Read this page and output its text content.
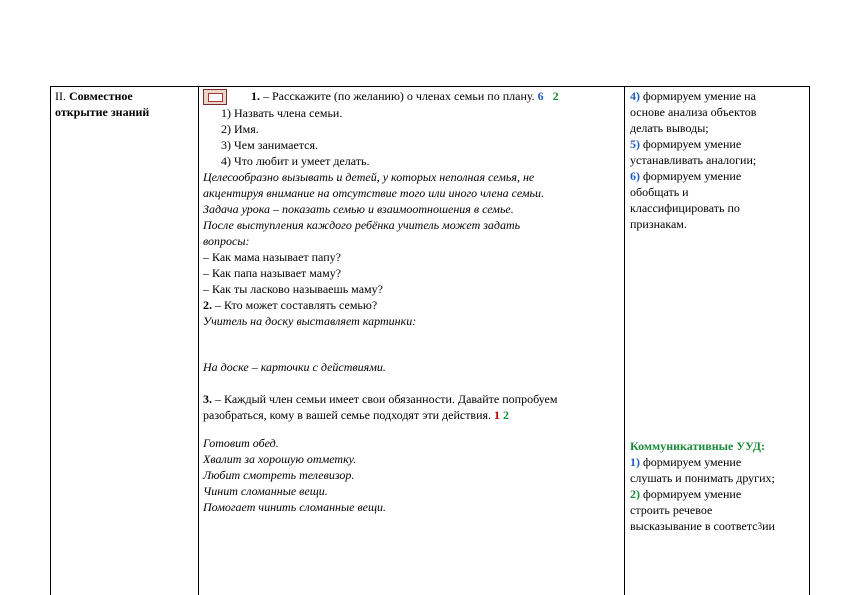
II. Совместное

открытие знаний

1. – Расскажите (по желанию) о членах семьи по плану. 6 2

1) Назвать члена семьи.

2) Имя.

3) Чем занимается.

4) Что любит и умеет делать.

Целесообразно вызывать и детей, у которых неполная семья, не

акцентируя внимание на отсутствие того или иного члена семьи.

Задача урока – показать семью и взаимоотношения в семье.

После выступления каждого ребёнка учитель может задать

вопросы:

– Как мама называет папу?

– Как папа называет маму?

– Как ты ласково называешь маму?

2. – Кто может составлять семью?

Учитель на доску выставляет картинки:

На доске – карточки с действиями.

3. – Каждый член семьи имеет свои обязанности. Давайте попробуем

разобраться, кому в вашей семье подходят эти действия. 1 2

Готовит обед.

Хвалит за хорошую отметку.

Любит смотреть телевизор.

Чинит сломанные вещи.

Помогает чинить сломанные вещи.

4) формируем умение на

основе анализа объектов

делать выводы;

5) формируем умение

устанавливать аналогии;

6) формируем умение

обобщать и

классифицировать по

признакам.

Коммуникативные УУД:

1) формируем умение

слушать и понимать других;

2) формируем умение

строить речевое

высказывание в соответс$^3$ии
